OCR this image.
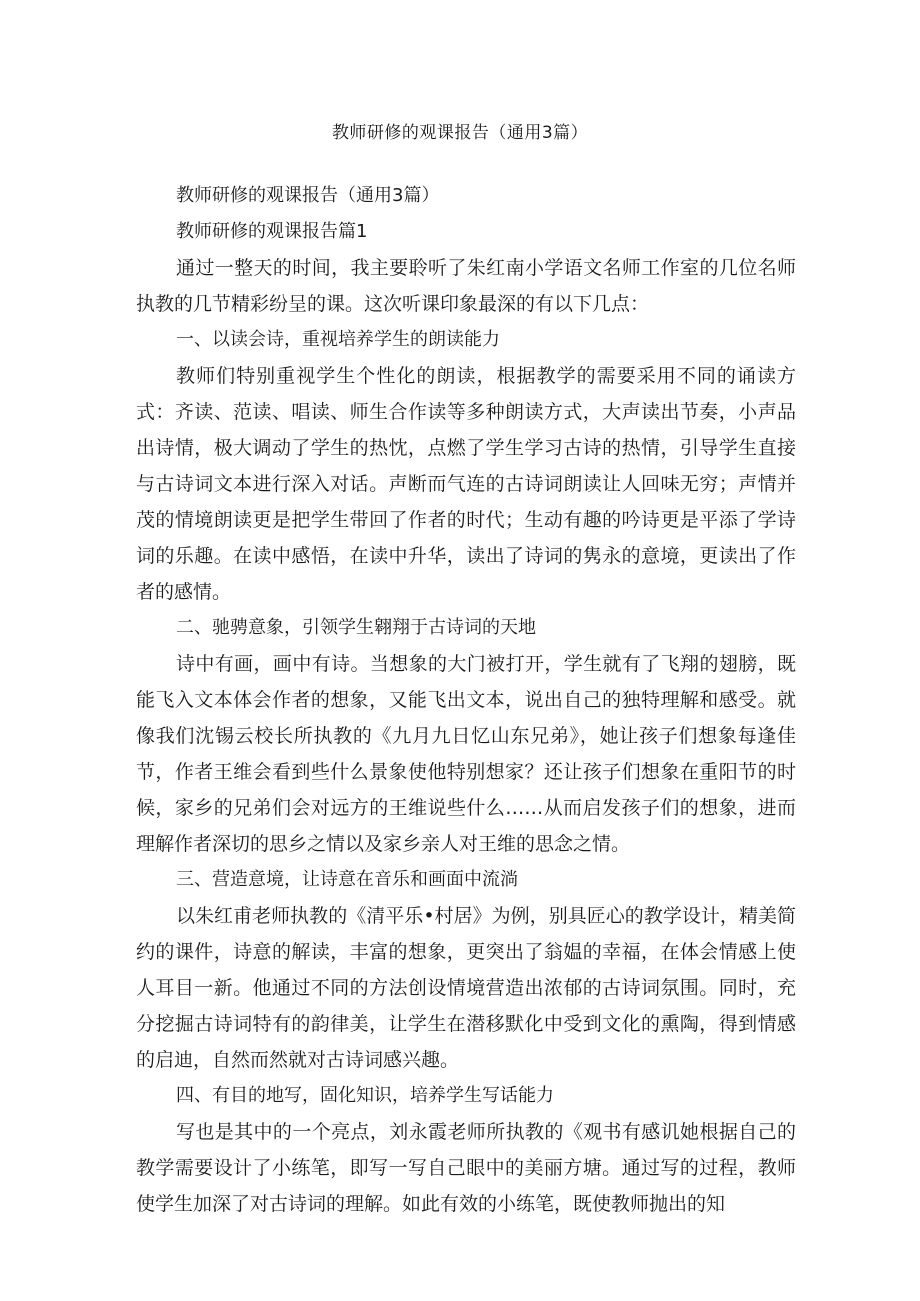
教师研修的观课报告（通用3篇）

教师研修的观课报告（通用3篇）

教师研修的观课报告篇1

通过一整天的时间，我主要聆听了朱红南小学语文名师工作室的几位名师执教的几节精彩纷呈的课。这次听课印象最深的有以下几点：

一、以读会诗，重视培养学生的朗读能力

教师们特别重视学生个性化的朗读，根据教学的需要采用不同的诵读方式：齐读、范读、唱读、师生合作读等多种朗读方式，大声读出节奏，小声品出诗情，极大调动了学生的热忱，点燃了学生学习古诗的热情，引导学生直接与古诗词文本进行深入对话。声断而气连的古诗词朗读让人回味无穷；声情并茂的情境朗读更是把学生带回了作者的时代；生动有趣的吟诗更是平添了学诗词的乐趣。在读中感悟，在读中升华，读出了诗词的隽永的意境，更读出了作者的感情。

二、驰骋意象，引领学生翱翔于古诗词的天地

诗中有画，画中有诗。当想象的大门被打开，学生就有了飞翔的翅膀，既能飞入文本体会作者的想象，又能飞出文本，说出自己的独特理解和感受。就像我们沈锡云校长所执教的《九月九日忆山东兄弟》，她让孩子们想象每逢佳节，作者王维会看到些什么景象使他特别想家？还让孩子们想象在重阳节的时候，家乡的兄弟们会对远方的王维说些什么……从而启发孩子们的想象，进而理解作者深切的思乡之情以及家乡亲人对王维的思念之情。

三、营造意境，让诗意在音乐和画面中流淌

以朱红甫老师执教的《清平乐•村居》为例，别具匠心的教学设计，精美简约的课件，诗意的解读，丰富的想象，更突出了翁媪的幸福，在体会情感上使人耳目一新。他通过不同的方法创设情境营造出浓郁的古诗词氛围。同时，充分挖掘古诗词特有的韵律美，让学生在潜移默化中受到文化的熏陶，得到情感的启迪，自然而然就对古诗词感兴趣。

四、有目的地写，固化知识，培养学生写话能力

写也是其中的一个亮点，刘永霞老师所执教的《观书有感讥她根据自己的教学需要设计了小练笔，即写一写自己眼中的美丽方塘。通过写的过程，教师使学生加深了对古诗词的理解。如此有效的小练笔，既使教师抛出的知
